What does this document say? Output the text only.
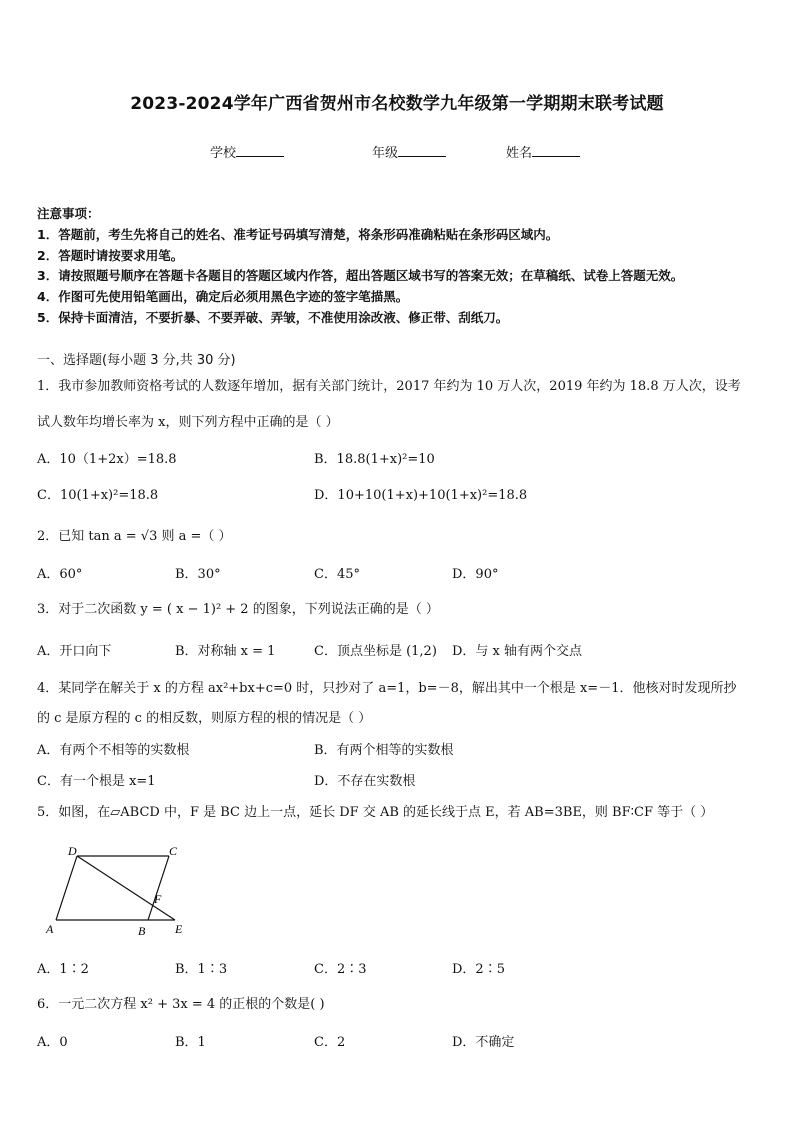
2023-2024学年广西省贺州市名校数学九年级第一学期期末联考试题
学校	年级	姓名
注意事项：
1．答题前，考生先将自己的姓名、准考证号码填写清楚，将条形码准确粘贴在条形码区域内。
2．答题时请按要求用笔。
3．请按照题号顺序在答题卡各题目的答题区域内作答，超出答题区域书写的答案无效；在草稿纸、试卷上答题无效。
4．作图可先使用铅笔画出，确定后必须用黑色字迹的签字笔描黑。
5．保持卡面清洁，不要折暴、不要弄破、弄皱，不准使用涂改液、修正带、刮纸刀。
一、选择题(每小题 3 分,共 30 分)
1．我市参加教师资格考试的人数逐年增加，据有关部门统计，2017 年约为 10 万人次，2019 年约为 18.8 万人次，设考
试人数年均增长率为 x，则下列方程中正确的是（ ）
A．10（1+2x）=18.8	B．18.8(1+x)²=10
C．10(1+x)²=18.8	D．10+10(1+x)+10(1+x)²=18.8
2．已知 tan a = √3 则 a =（ ）
A．60°	B．30°	C．45°	D．90°
3．对于二次函数 y = ( x − 1)² + 2 的图象，下列说法正确的是（ ）
A．开口向下	B．对称轴 x = 1	C．顶点坐标是 (1,2) D．与 x 轴有两个交点
4．某同学在解关于 x 的方程 ax²+bx+c=0 时，只抄对了 a=1，b=－8，解出其中一个根是 x=－1．他核对时发现所抄
的 c 是原方程的 c 的相反数，则原方程的根的情况是（ ）
A．有两个不相等的实数根	B．有两个相等的实数根
C．有一个根是 x=1	D．不存在实数根
5．如图，在▱ABCD 中，F 是 BC 边上一点，延长 DF 交 AB 的延长线于点 E，若 AB=3BE，则 BF∶CF 等于（ ）
D	C
F
A	B E
A．1∶2	B．1∶3	C．2∶3	D．2∶5
6．一元二次方程 x² + 3x = 4 的正根的个数是( )
A．0	B．1	C．2	D．不确定
